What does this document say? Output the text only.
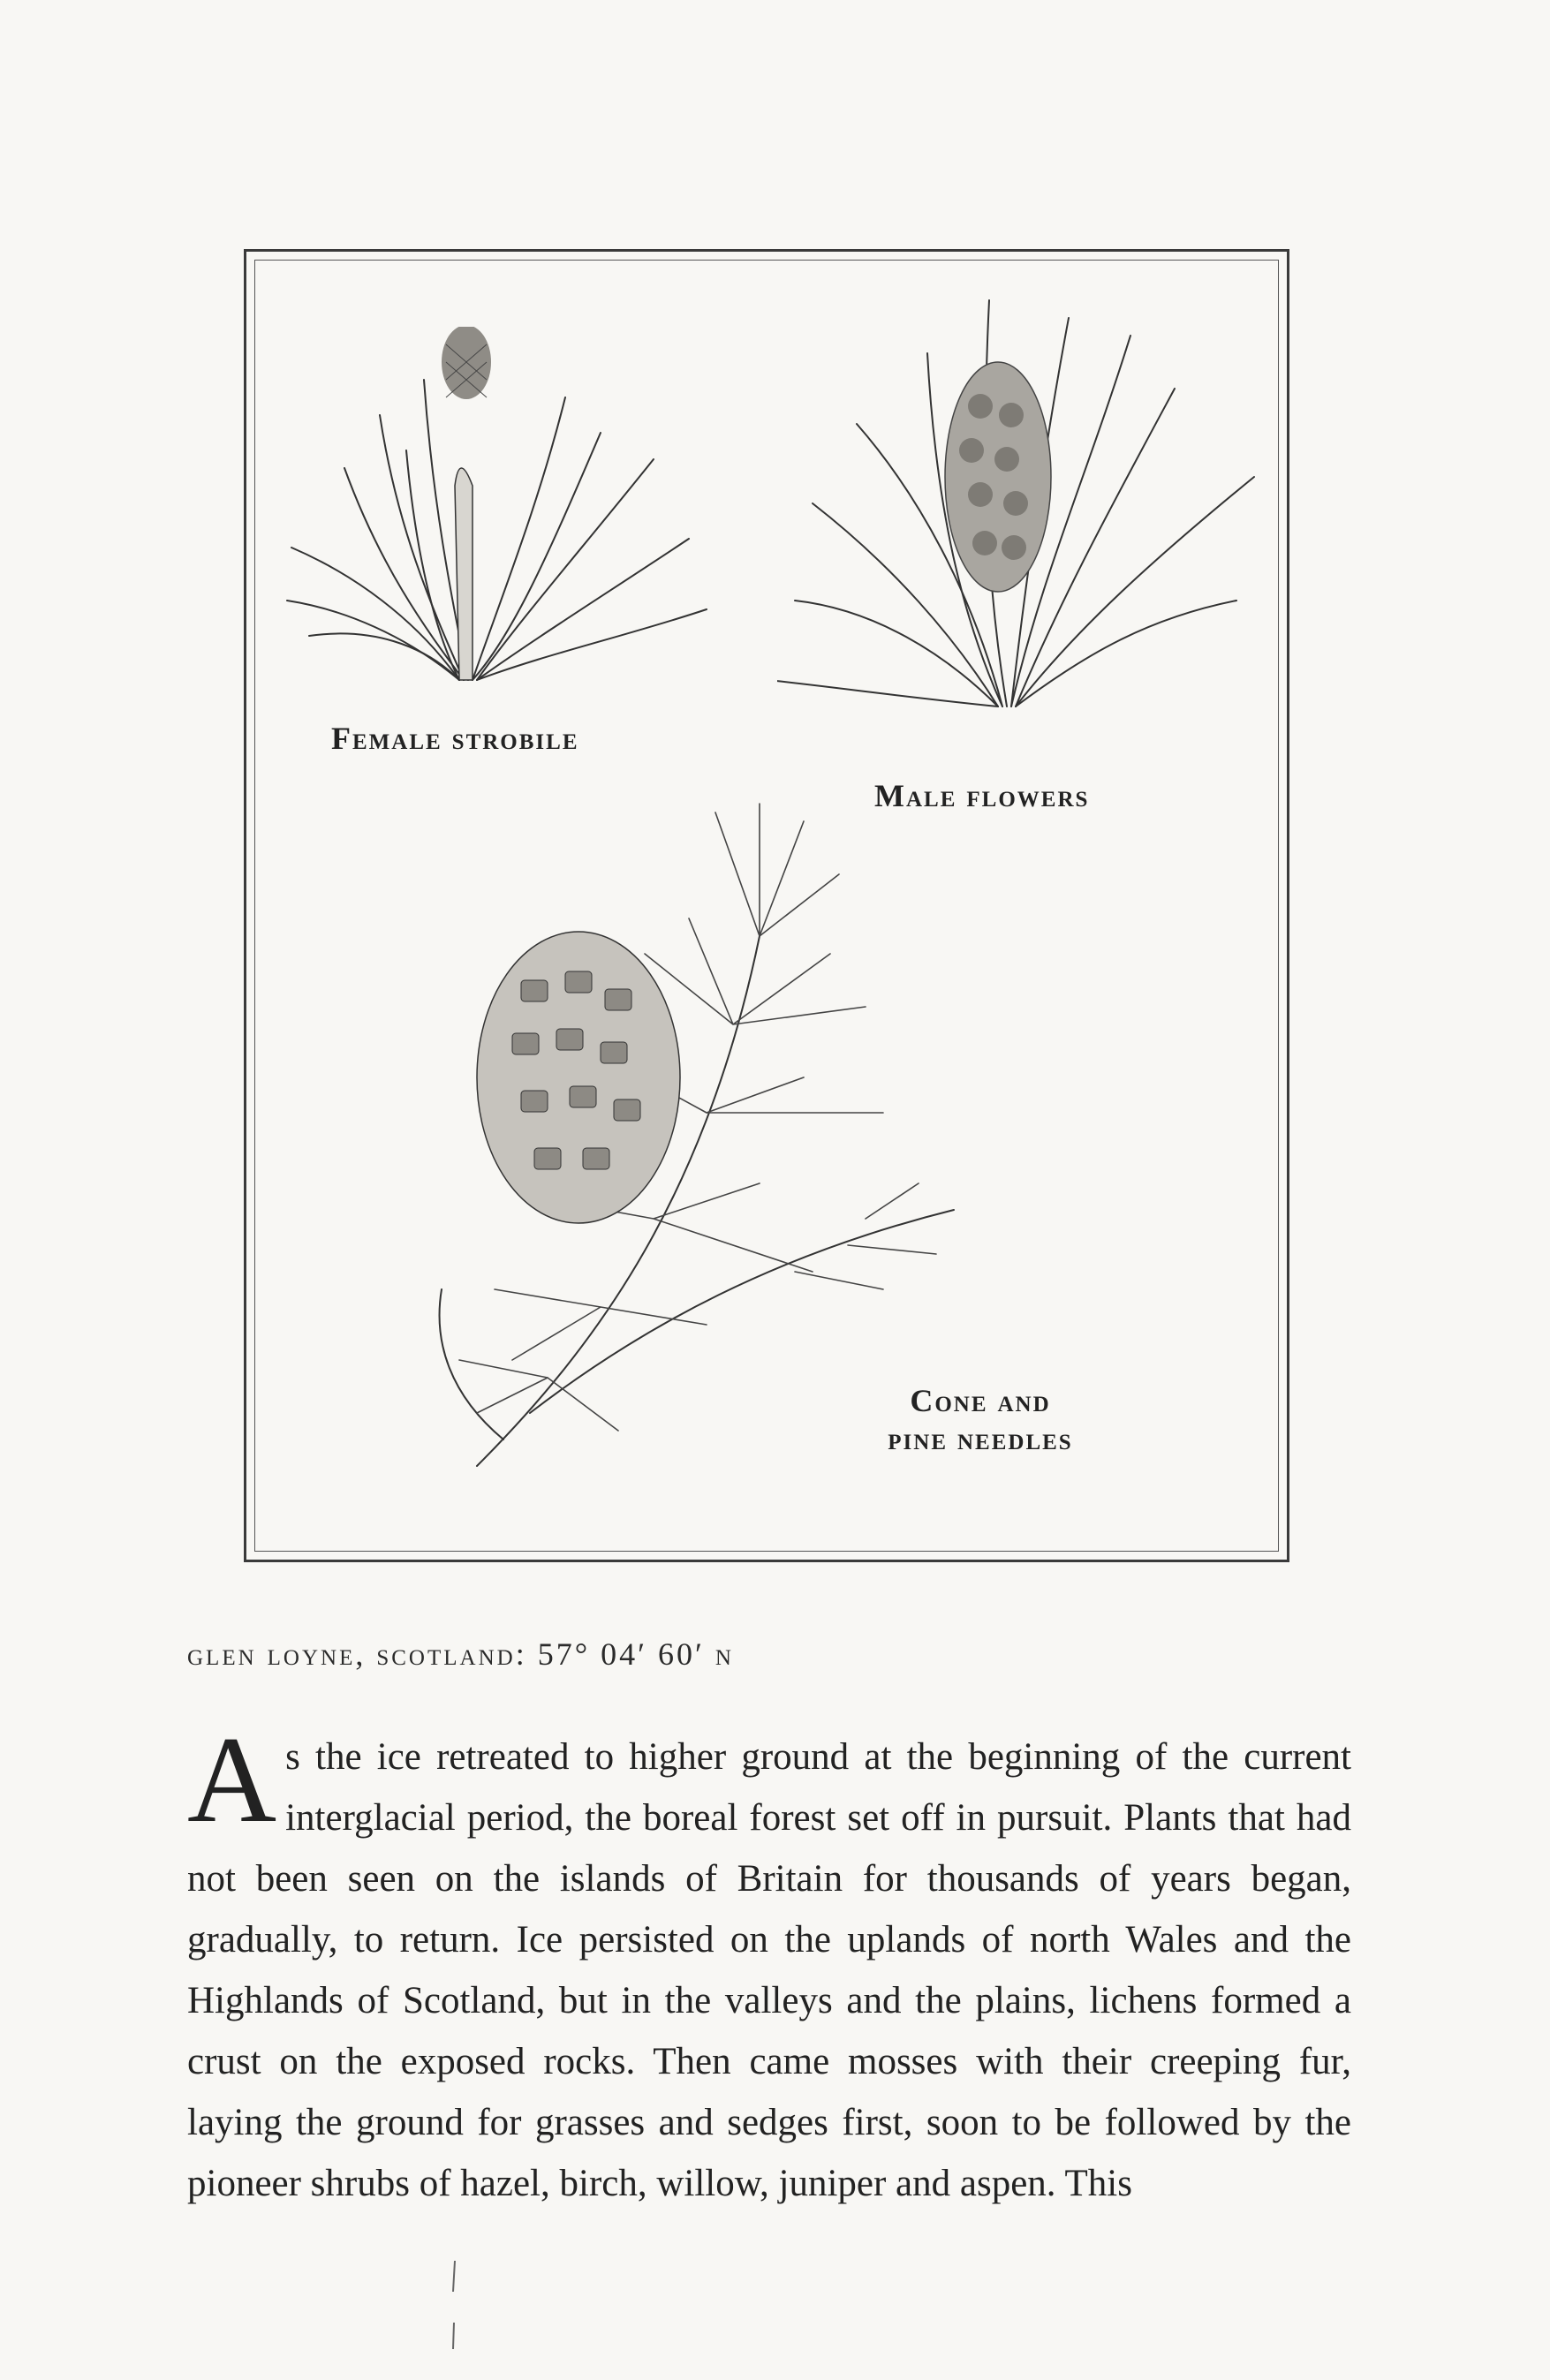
Female strobile
Male flowers
Cone and
pine needles
glen loyne, scotland: 57° 04′ 60′ n
As the ice retreated to higher ground at the beginning of the current interglacial period, the boreal forest set off in pursuit. Plants that had not been seen on the islands of Britain for thousands of years began, gradually, to return. Ice persisted on the uplands of north Wales and the Highlands of Scotland, but in the valleys and the plains, lichens formed a crust on the exposed rocks. Then came mosses with their creeping fur, laying the ground for grasses and sedges first, soon to be followed by the pioneer shrubs of hazel, birch, willow, juniper and aspen. This
